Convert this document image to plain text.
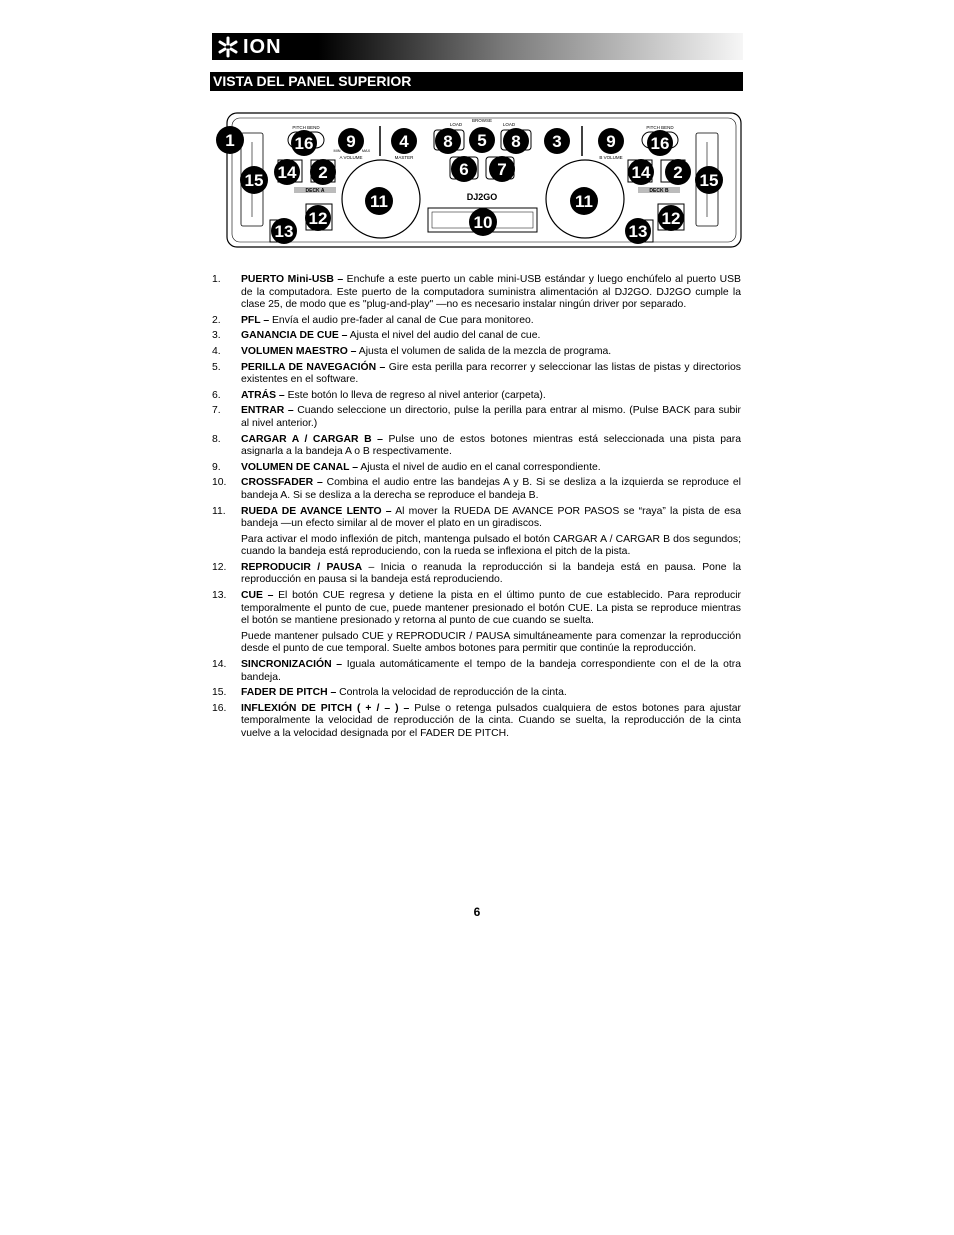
ION
VISTA DEL PANEL SUPERIOR
PITCH BEND	PITCH BEND
A VOLUME	MASTER	B VOLUME
MIN	MAX
LOAD
BROWSE
LOAD
DECK A	DECK B
DJ2GO
1	16 9	4 8 5 8 3	9 16
14 2	6 7	14 2
15	15
11	11
10
12	12
13	13
1.	PUERTO Mini-USB – Enchufe a este puerto un cable mini-USB estándar y luego enchúfelo al puerto USB de la computadora. Este puerto de la computadora suministra alimentación al DJ2GO. DJ2GO cumple la clase 25, de modo que es "plug-and-play" —no es necesario instalar ningún driver por separado.

2.	PFL – Envía el audio pre-fader al canal de Cue para monitoreo.

3.	GANANCIA DE CUE – Ajusta el nivel del audio del canal de cue.

4.	VOLUMEN MAESTRO – Ajusta el volumen de salida de la mezcla de programa.

5.	PERILLA DE NAVEGACIÓN – Gire esta perilla para recorrer y seleccionar las listas de pistas y directorios existentes en el software.

6.	ATRÁS – Este botón lo lleva de regreso al nivel anterior (carpeta).

7.	ENTRAR – Cuando seleccione un directorio, pulse la perilla para entrar al mismo. (Pulse BACK para subir al nivel anterior.)

8.	CARGAR A / CARGAR B – Pulse uno de estos botones mientras está seleccionada una pista para asignarla a la bandeja A o B respectivamente.

9.	VOLUMEN DE CANAL – Ajusta el nivel de audio en el canal correspondiente.

10.	CROSSFADER – Combina el audio entre las bandejas A y B. Si se desliza a la izquierda se reproduce el bandeja A. Si se desliza a la derecha se reproduce el bandeja B.

11.	RUEDA DE AVANCE LENTO – Al mover la RUEDA DE AVANCE POR PASOS se “raya” la pista de esa bandeja —un efecto similar al de mover el plato en un giradiscos.

Para activar el modo inflexión de pitch, mantenga pulsado el botón CARGAR A / CARGAR B dos segundos; cuando la bandeja está reproduciendo, con la rueda se inflexiona el pitch de la pista.

12.	REPRODUCIR / PAUSA – Inicia o reanuda la reproducción si la bandeja está en pausa. Pone la reproducción en pausa si la bandeja está reproduciendo.

13.	CUE – El botón CUE regresa y detiene la pista en el último punto de cue establecido. Para reproducir temporalmente el punto de cue, puede mantener presionado el botón CUE. La pista se reproduce mientras el botón se mantiene presionado y retorna al punto de cue cuando se suelta.

Puede mantener pulsado CUE y REPRODUCIR / PAUSA simultáneamente para comenzar la reproducción desde el punto de cue temporal. Suelte ambos botones para permitir que continúe la reproducción.

14.	SINCRONIZACIÓN – Iguala automáticamente el tempo de la bandeja correspondiente con el de la otra bandeja.

15.	FADER DE PITCH – Controla la velocidad de reproducción de la cinta.

16.	INFLEXIÓN DE PITCH ( + / – ) – Pulse o retenga pulsados cualquiera de estos botones para ajustar temporalmente la velocidad de reproducción de la cinta. Cuando se suelta, la reproducción de la cinta vuelve a la velocidad designada por el FADER DE PITCH.

6
